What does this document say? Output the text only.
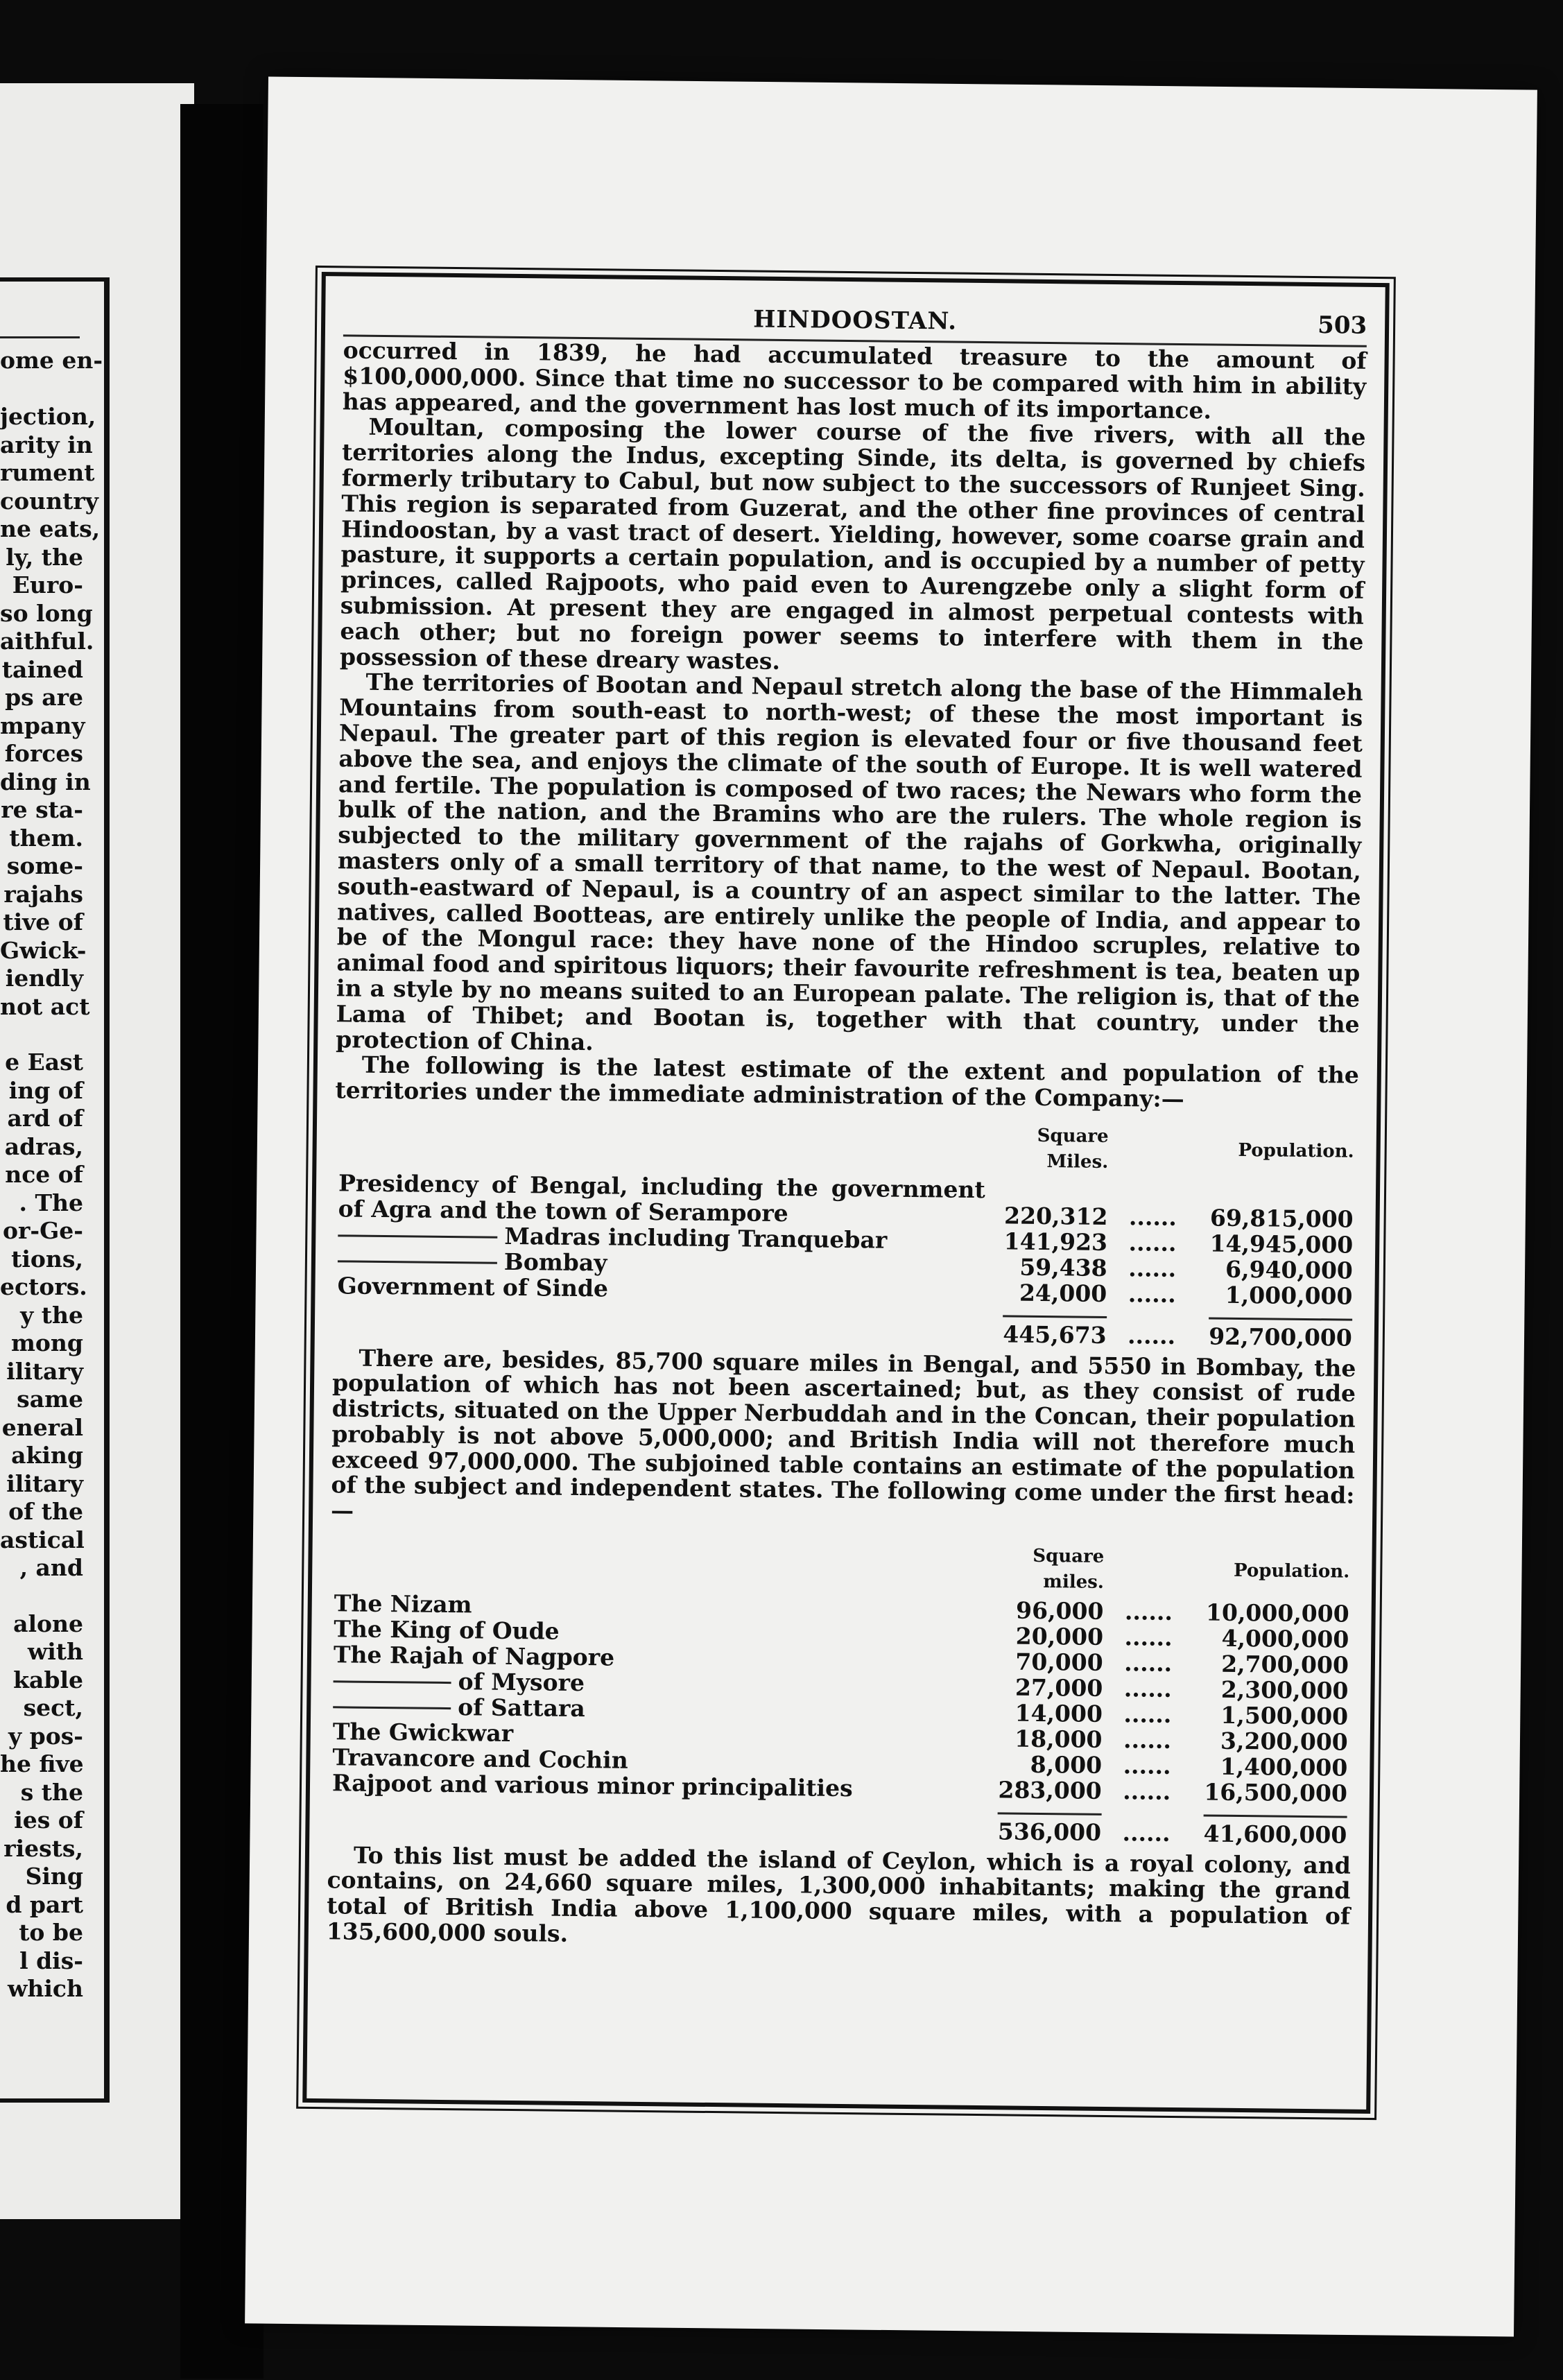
ome en-
jection,
arity in
rument
country
ne eats,
ly, the
Euro-
so long
aithful.
tained
ps are
mpany
forces
ding in
re sta-
them.
some-
rajahs
tive of
Gwick-
iendly
not act
e East
ing of
ard of
adras,
nce of
. The
or-Ge-
tions,
ectors.
y the
mong
ilitary
same
eneral
aking
ilitary
of the
astical
, and
alone
with
kable
sect,
y pos-
he five
s the
ies of
riests,
Sing
d part
to be
l dis-
which
HINDOOSTAN.	503

occurred in 1839, he had accumulated treasure to the amount of $100,000,000. Since that time no successor to be compared with him in ability has appeared, and the government has lost much of its importance.

Moultan, composing the lower course of the five rivers, with all the territories along the Indus, excepting Sinde, its delta, is governed by chiefs formerly tributary to Cabul, but now subject to the successors of Runjeet Sing. This region is separated from Guzerat, and the other fine provinces of central Hindoostan, by a vast tract of desert. Yielding, however, some coarse grain and pasture, it supports a certain population, and is occupied by a number of petty princes, called Rajpoots, who paid even to Aurengzebe only a slight form of submission. At present they are engaged in almost perpetual contests with each other; but no foreign power seems to interfere with them in the possession of these dreary wastes.

The territories of Bootan and Nepaul stretch along the base of the Himmaleh Mountains from south-east to north-west; of these the most important is Nepaul. The greater part of this region is elevated four or five thousand feet above the sea, and enjoys the climate of the south of Europe. It is well watered and fertile. The population is composed of two races; the Newars who form the bulk of the nation, and the Bramins who are the rulers. The whole region is subjected to the military government of the rajahs of Gorkwha, originally masters only of a small territory of that name, to the west of Nepaul. Bootan, south-eastward of Nepaul, is a country of an aspect similar to the latter. The natives, called Bootteas, are entirely unlike the people of India, and appear to be of the Mongul race: they have none of the Hindoo scruples, relative to animal food and spiritous liquors; their favourite refreshment is tea, beaten up in a style by no means suited to an European palate. The religion is, that of the Lama of Thibet; and Bootan is, together with that country, under the protection of China.

The following is the latest estimate of the extent and population of the territories under the immediate administration of the Company:—

	Square Miles.		Population.
Presidency of Bengal, including the government of Agra and the town of Serampore	220,312	......	69,815,000
Madras including Tranquebar	141,923	......	14,945,000
Bombay	59,438	......	6,940,000
Government of Sinde	24,000	......	1,000,000
	445,673	......	92,700,000

There are, besides, 85,700 square miles in Bengal, and 5550 in Bombay, the population of which has not been ascertained; but, as they consist of rude districts, situated on the Upper Nerbuddah and in the Concan, their population probably is not above 5,000,000; and British India will not therefore much exceed 97,000,000. The subjoined table contains an estimate of the population of the subject and independent states. The following come under the first head:—

	Square miles.		Population.
The Nizam	96,000	......	10,000,000
The King of Oude	20,000	......	4,000,000
The Rajah of Nagpore	70,000	......	2,700,000
of Mysore	27,000	......	2,300,000
of Sattara	14,000	......	1,500,000
The Gwickwar	18,000	......	3,200,000
Travancore and Cochin	8,000	......	1,400,000
Rajpoot and various minor principalities	283,000	......	16,500,000
	536,000	......	41,600,000

To this list must be added the island of Ceylon, which is a royal colony, and contains, on 24,660 square miles, 1,300,000 inhabitants; making the grand total of British India above 1,100,000 square miles, with a population of 135,600,000 souls.
